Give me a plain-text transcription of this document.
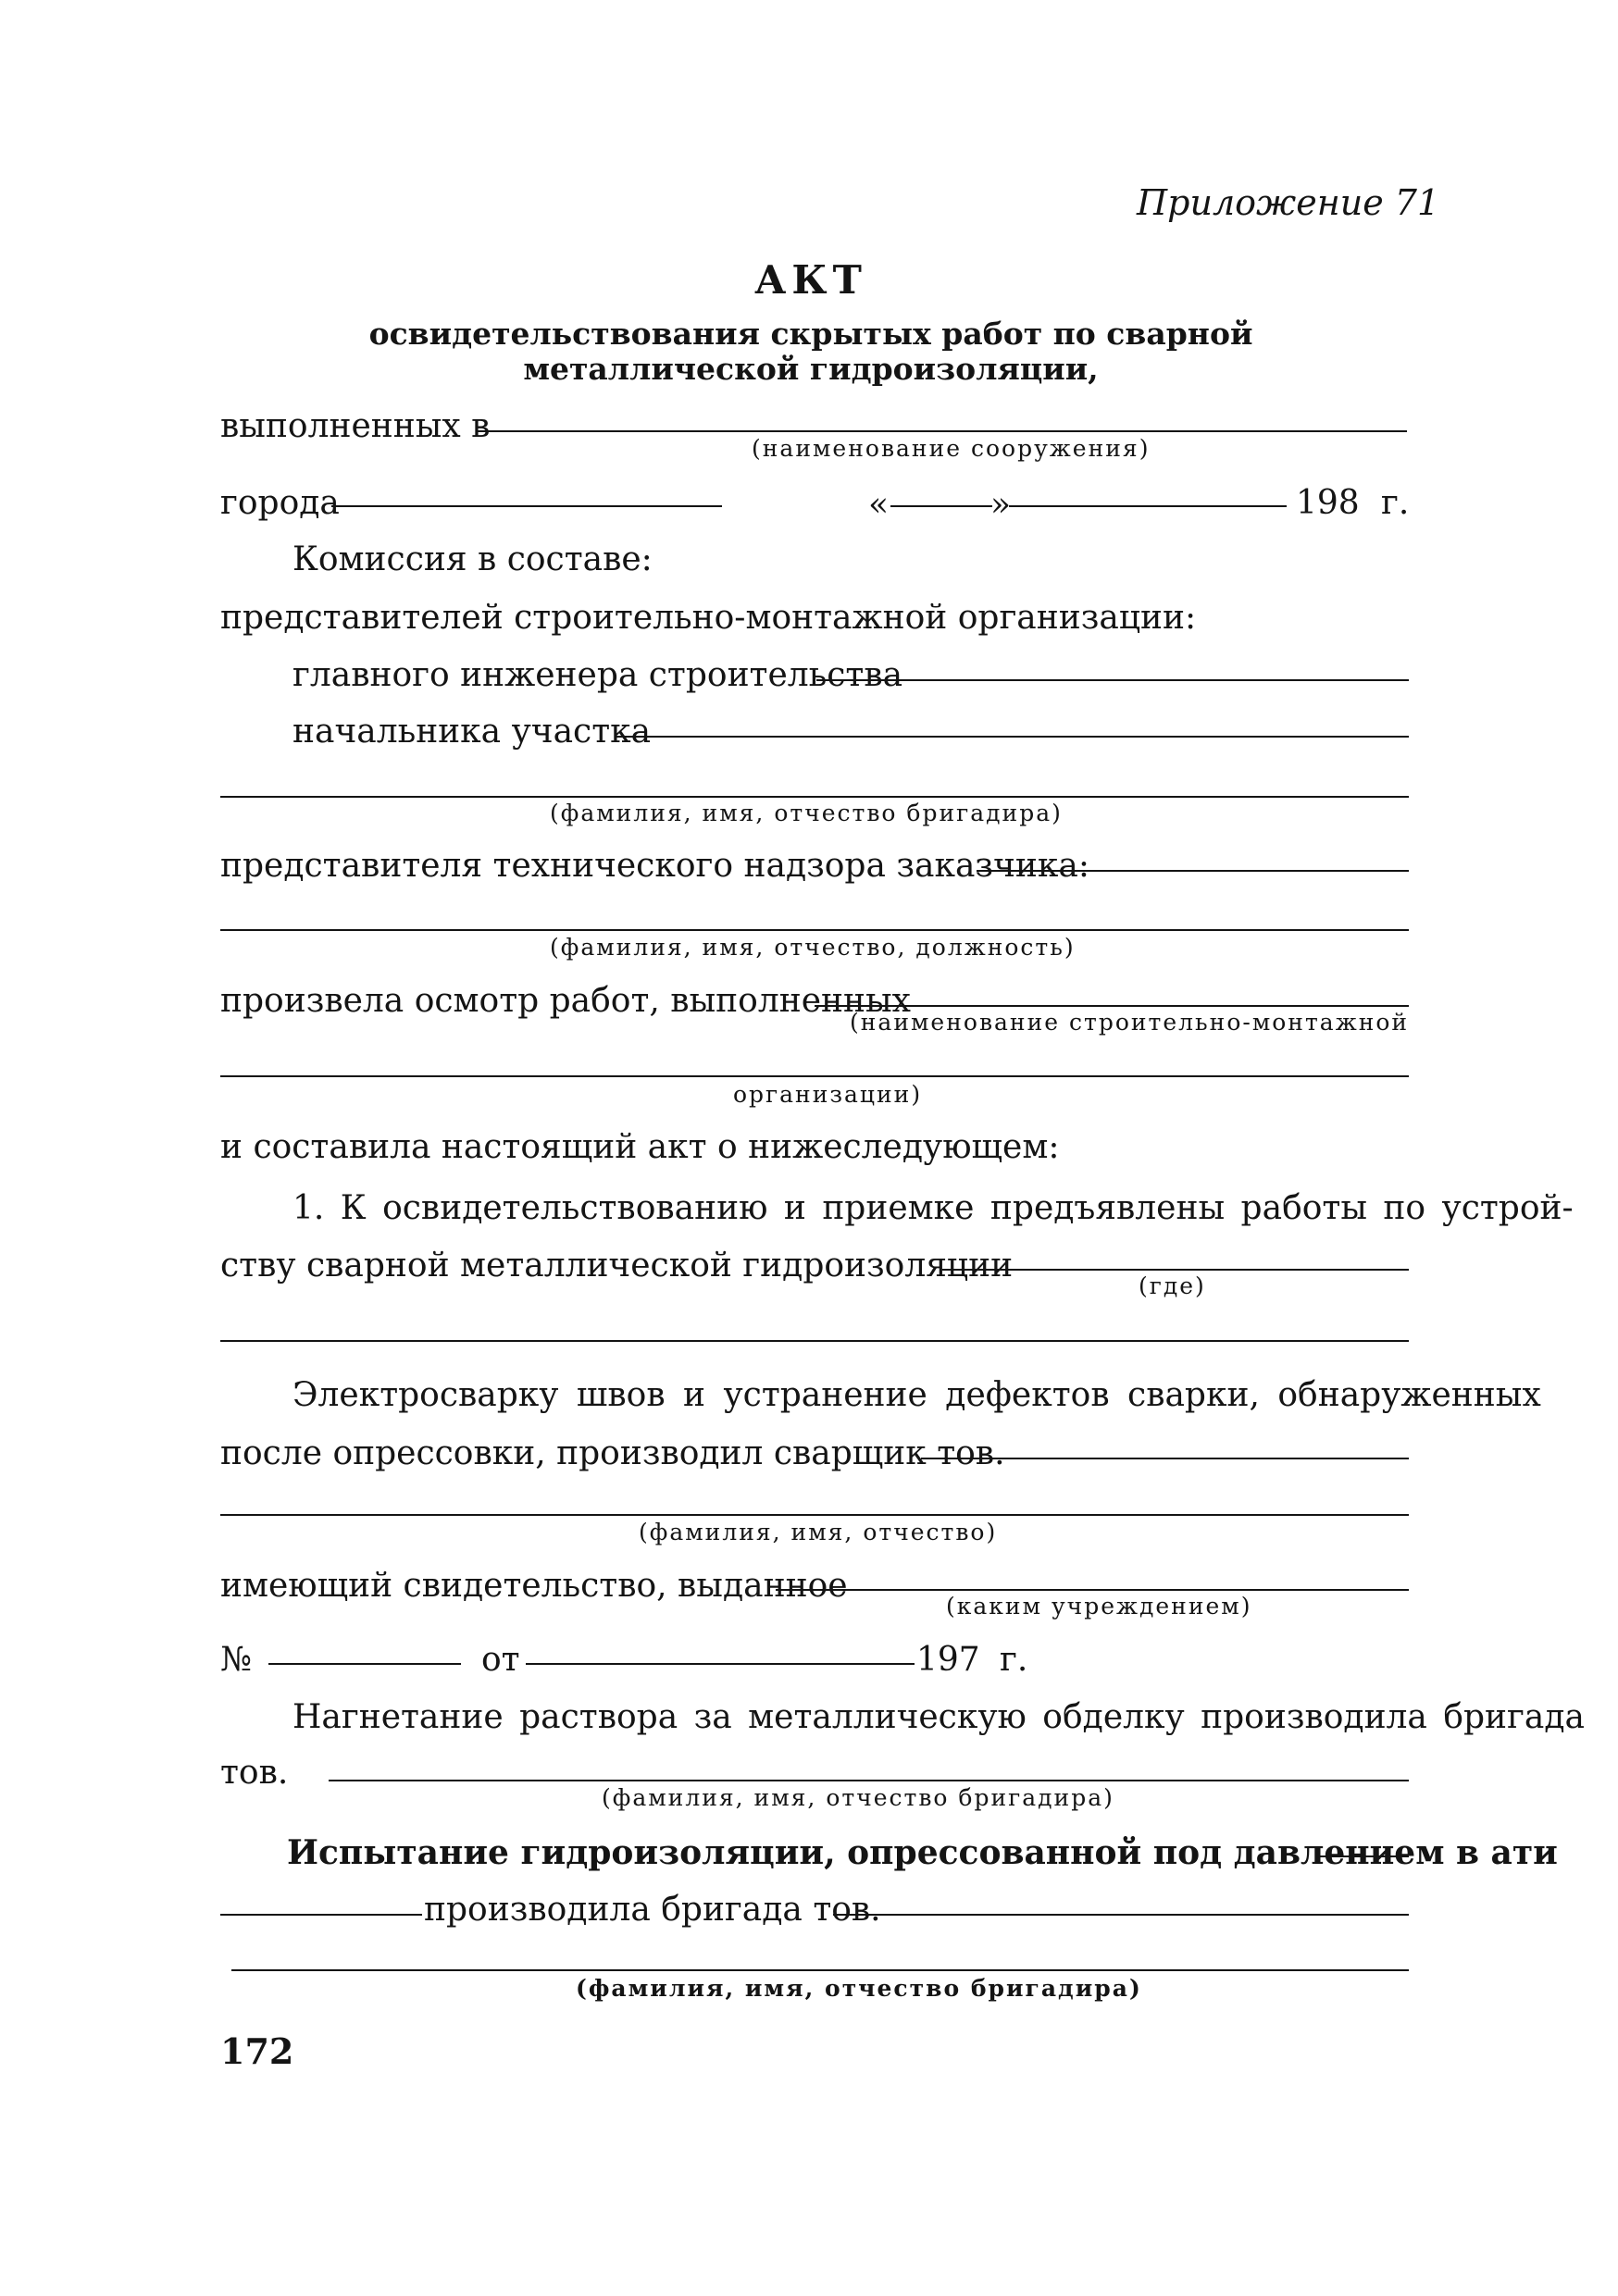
Приложение 71
АКТ
освидетельствования скрытых работ по сварной
металлической гидроизоляции,
выполненных в
(наименование сооружения)
города	«	»	198 г.
Комиссия в составе:
представителей строительно-монтажной организации:
главного инженера строительства
начальника участка
(фамилия, имя, отчество бригадира)
представителя технического надзора заказчика:
(фамилия, имя, отчество, должность)
произвела осмотр работ, выполненных
(наименование строительно-монтажной
организации)
и составила настоящий акт о нижеследующем:
1. К освидетельствованию и приемке предъявлены работы по устрой-
ству сварной металлической гидроизоляции
(где)
Электросварку швов и устранение дефектов сварки, обнаруженных
после опрессовки, производил сварщик тов.
(фамилия, имя, отчество)
имеющий свидетельство, выданное
(каким учреждением)
№	от	197 г.
Нагнетание раствора за металлическую обделку производила бригада
тов.
(фамилия, имя, отчество бригадира)
Испытание гидроизоляции, опрессованной под давлением в ати
производила бригада тов.
(фамилия, имя, отчество бригадира)
172
